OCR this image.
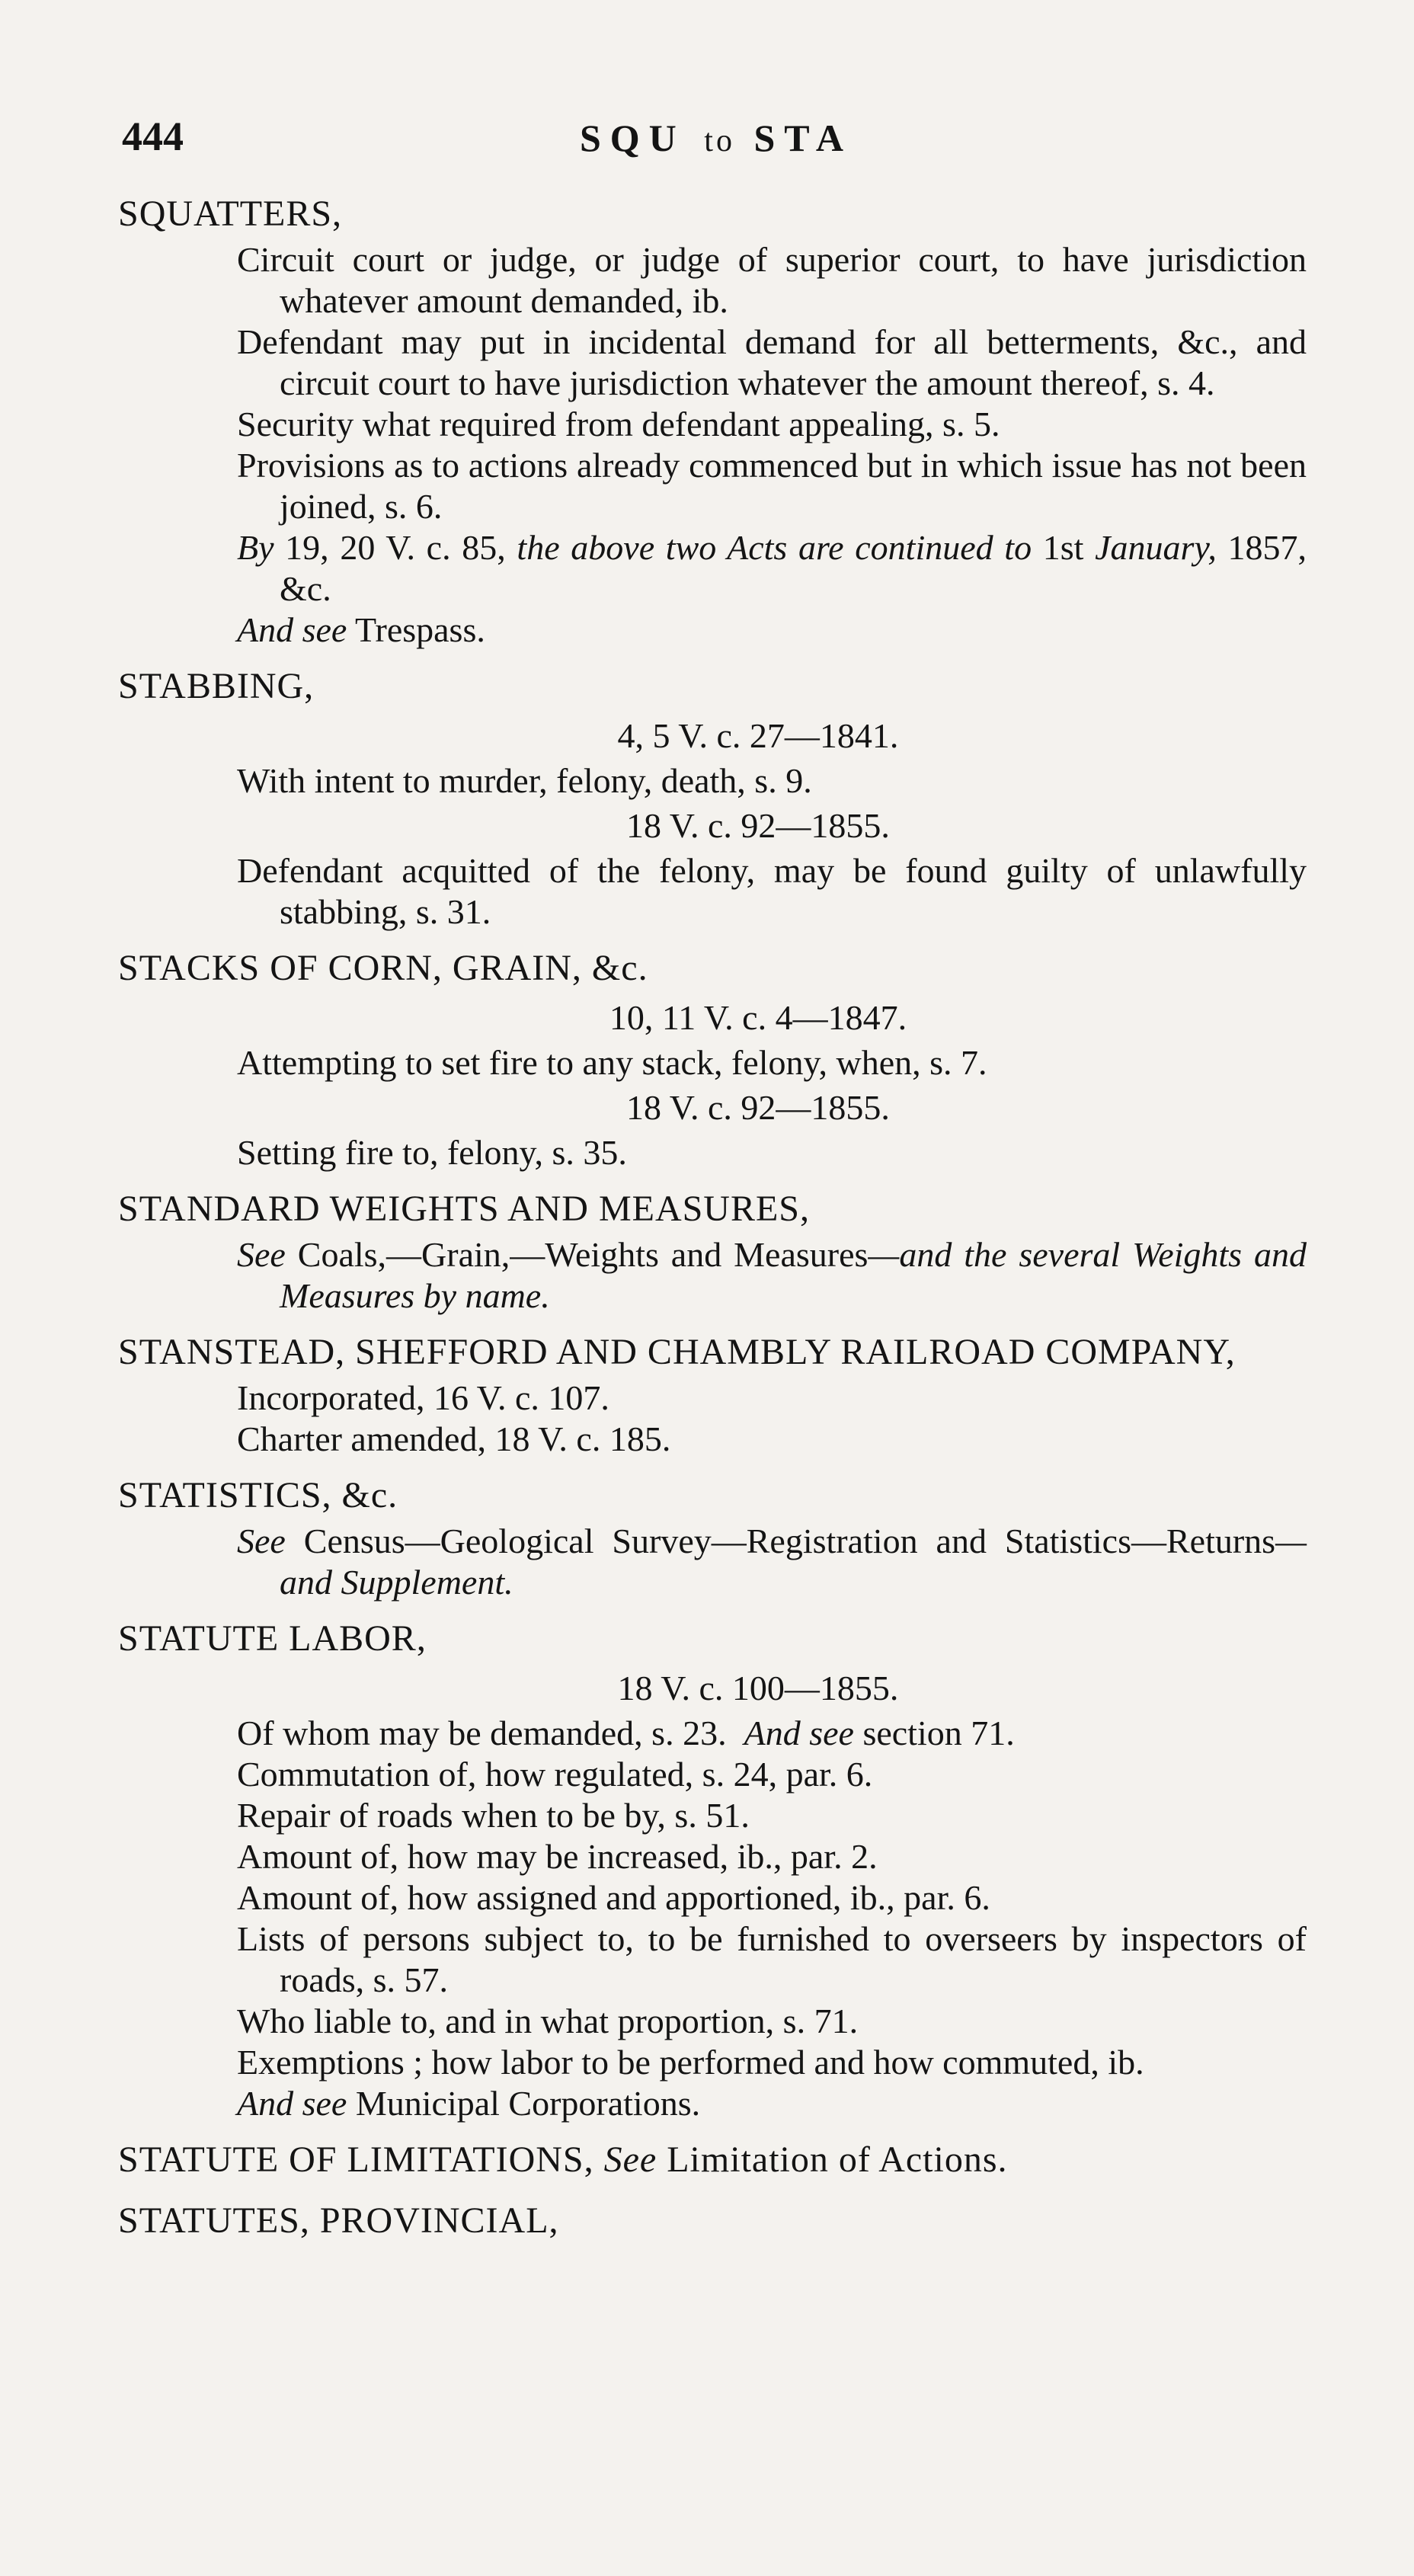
444	SQU to STA
SQUATTERS,

Circuit court or judge, or judge of superior court, to have jurisdiction whatever amount demanded, ib.

Defendant may put in incidental demand for all betterments, &c., and circuit court to have jurisdiction whatever the amount thereof, s. 4.

Security what required from defendant appealing, s. 5.

Provisions as to actions already commenced but in which issue has not been joined, s. 6.

By 19, 20 V. c. 85, the above two Acts are continued to 1st January, 1857, &c.

And see Trespass.

STABBING,
4, 5 V. c. 27—1841.

With intent to murder, felony, death, s. 9.

18 V. c. 92—1855.

Defendant acquitted of the felony, may be found guilty of unlawfully stabbing, s. 31.

STACKS OF CORN, GRAIN, &c.
10, 11 V. c. 4—1847.

Attempting to set fire to any stack, felony, when, s. 7.

18 V. c. 92—1855.

Setting fire to, felony, s. 35.

STANDARD WEIGHTS AND MEASURES,

See Coals,—Grain,—Weights and Measures—and the several Weights and Measures by name.

STANSTEAD, SHEFFORD AND CHAMBLY RAILROAD COMPANY,

Incorporated, 16 V. c. 107.

Charter amended, 18 V. c. 185.

STATISTICS, &c.

See Census—Geological Survey—Registration and Statistics—Returns—and Supplement.

STATUTE LABOR,
18 V. c. 100—1855.

Of whom may be demanded, s. 23. And see section 71.

Commutation of, how regulated, s. 24, par. 6.

Repair of roads when to be by, s. 51.

Amount of, how may be increased, ib., par. 2.

Amount of, how assigned and apportioned, ib., par. 6.

Lists of persons subject to, to be furnished to overseers by inspectors of roads, s. 57.

Who liable to, and in what proportion, s. 71.

Exemptions ; how labor to be performed and how commuted, ib.

And see Municipal Corporations.

STATUTE OF LIMITATIONS, See Limitation of Actions.
STATUTES, PROVINCIAL,
